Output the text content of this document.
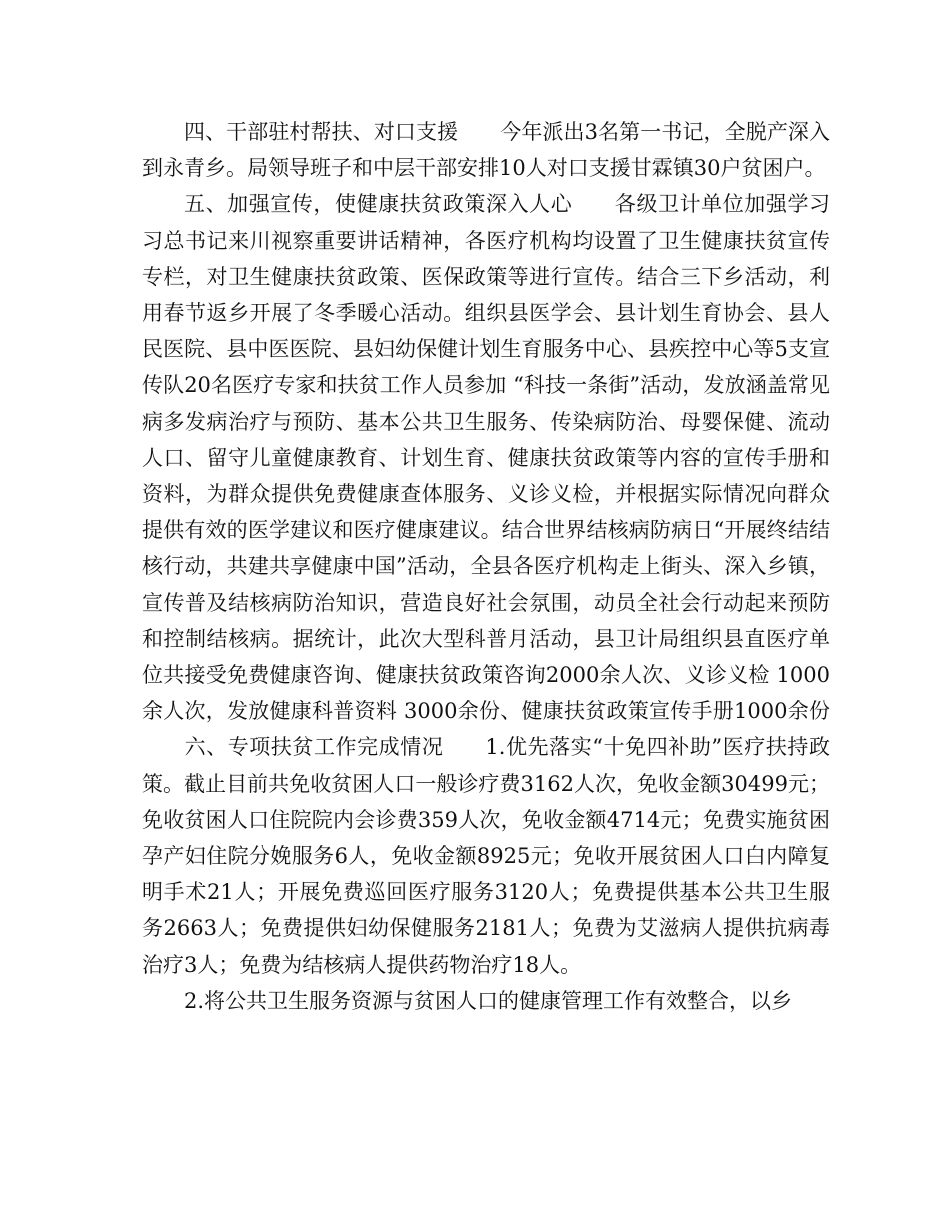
四、干部驻村帮扶、对口支援 今年派出3名第一书记，全脱产深入到永青乡。局领导班子和中层干部安排10人对口支援甘霖镇30户贫困户。

五、加强宣传，使健康扶贫政策深入人心 各级卫计单位加强学习习总书记来川视察重要讲话精神，各医疗机构均设置了卫生健康扶贫宣传专栏，对卫生健康扶贫政策、医保政策等进行宣传。结合三下乡活动，利用春节返乡开展了冬季暖心活动。组织县医学会、县计划生育协会、县人民医院、县中医医院、县妇幼保健计划生育服务中心、县疾控中心等5支宣传队20名医疗专家和扶贫工作人员参加 “科技一条街”活动，发放涵盖常见病多发病治疗与预防、基本公共卫生服务、传染病防治、母婴保健、流动人口、留守儿童健康教育、计划生育、健康扶贫政策等内容的宣传手册和资料，为群众提供免费健康查体服务、义诊义检，并根据实际情况向群众提供有效的医学建议和医疗健康建议。结合世界结核病防病日“开展终结结核行动，共建共享健康中国”活动，全县各医疗机构走上街头、深入乡镇，宣传普及结核病防治知识，营造良好社会氛围，动员全社会行动起来预防和控制结核病。据统计，此次大型科普月活动，县卫计局组织县直医疗单位共接受免费健康咨询、健康扶贫政策咨询2000余人次、义诊义检 1000余人次，发放健康科普资料 3000余份、健康扶贫政策宣传手册1000余份六、专项扶贫工作完成情况 1.优先落实“十免四补助”医疗扶持政策。截止目前共免收贫困人口一般诊疗费3162人次，免收金额30499元；免收贫困人口住院院内会诊费359人次，免收金额4714元；免费实施贫困孕产妇住院分娩服务6人，免收金额8925元；免收开展贫困人口白内障复明手术21人；开展免费巡回医疗服务3120人；免费提供基本公共卫生服务2663人；免费提供妇幼保健服务2181人；免费为艾滋病人提供抗病毒治疗3人；免费为结核病人提供药物治疗18人。

2.将公共卫生服务资源与贫困人口的健康管理工作有效整合，以乡
